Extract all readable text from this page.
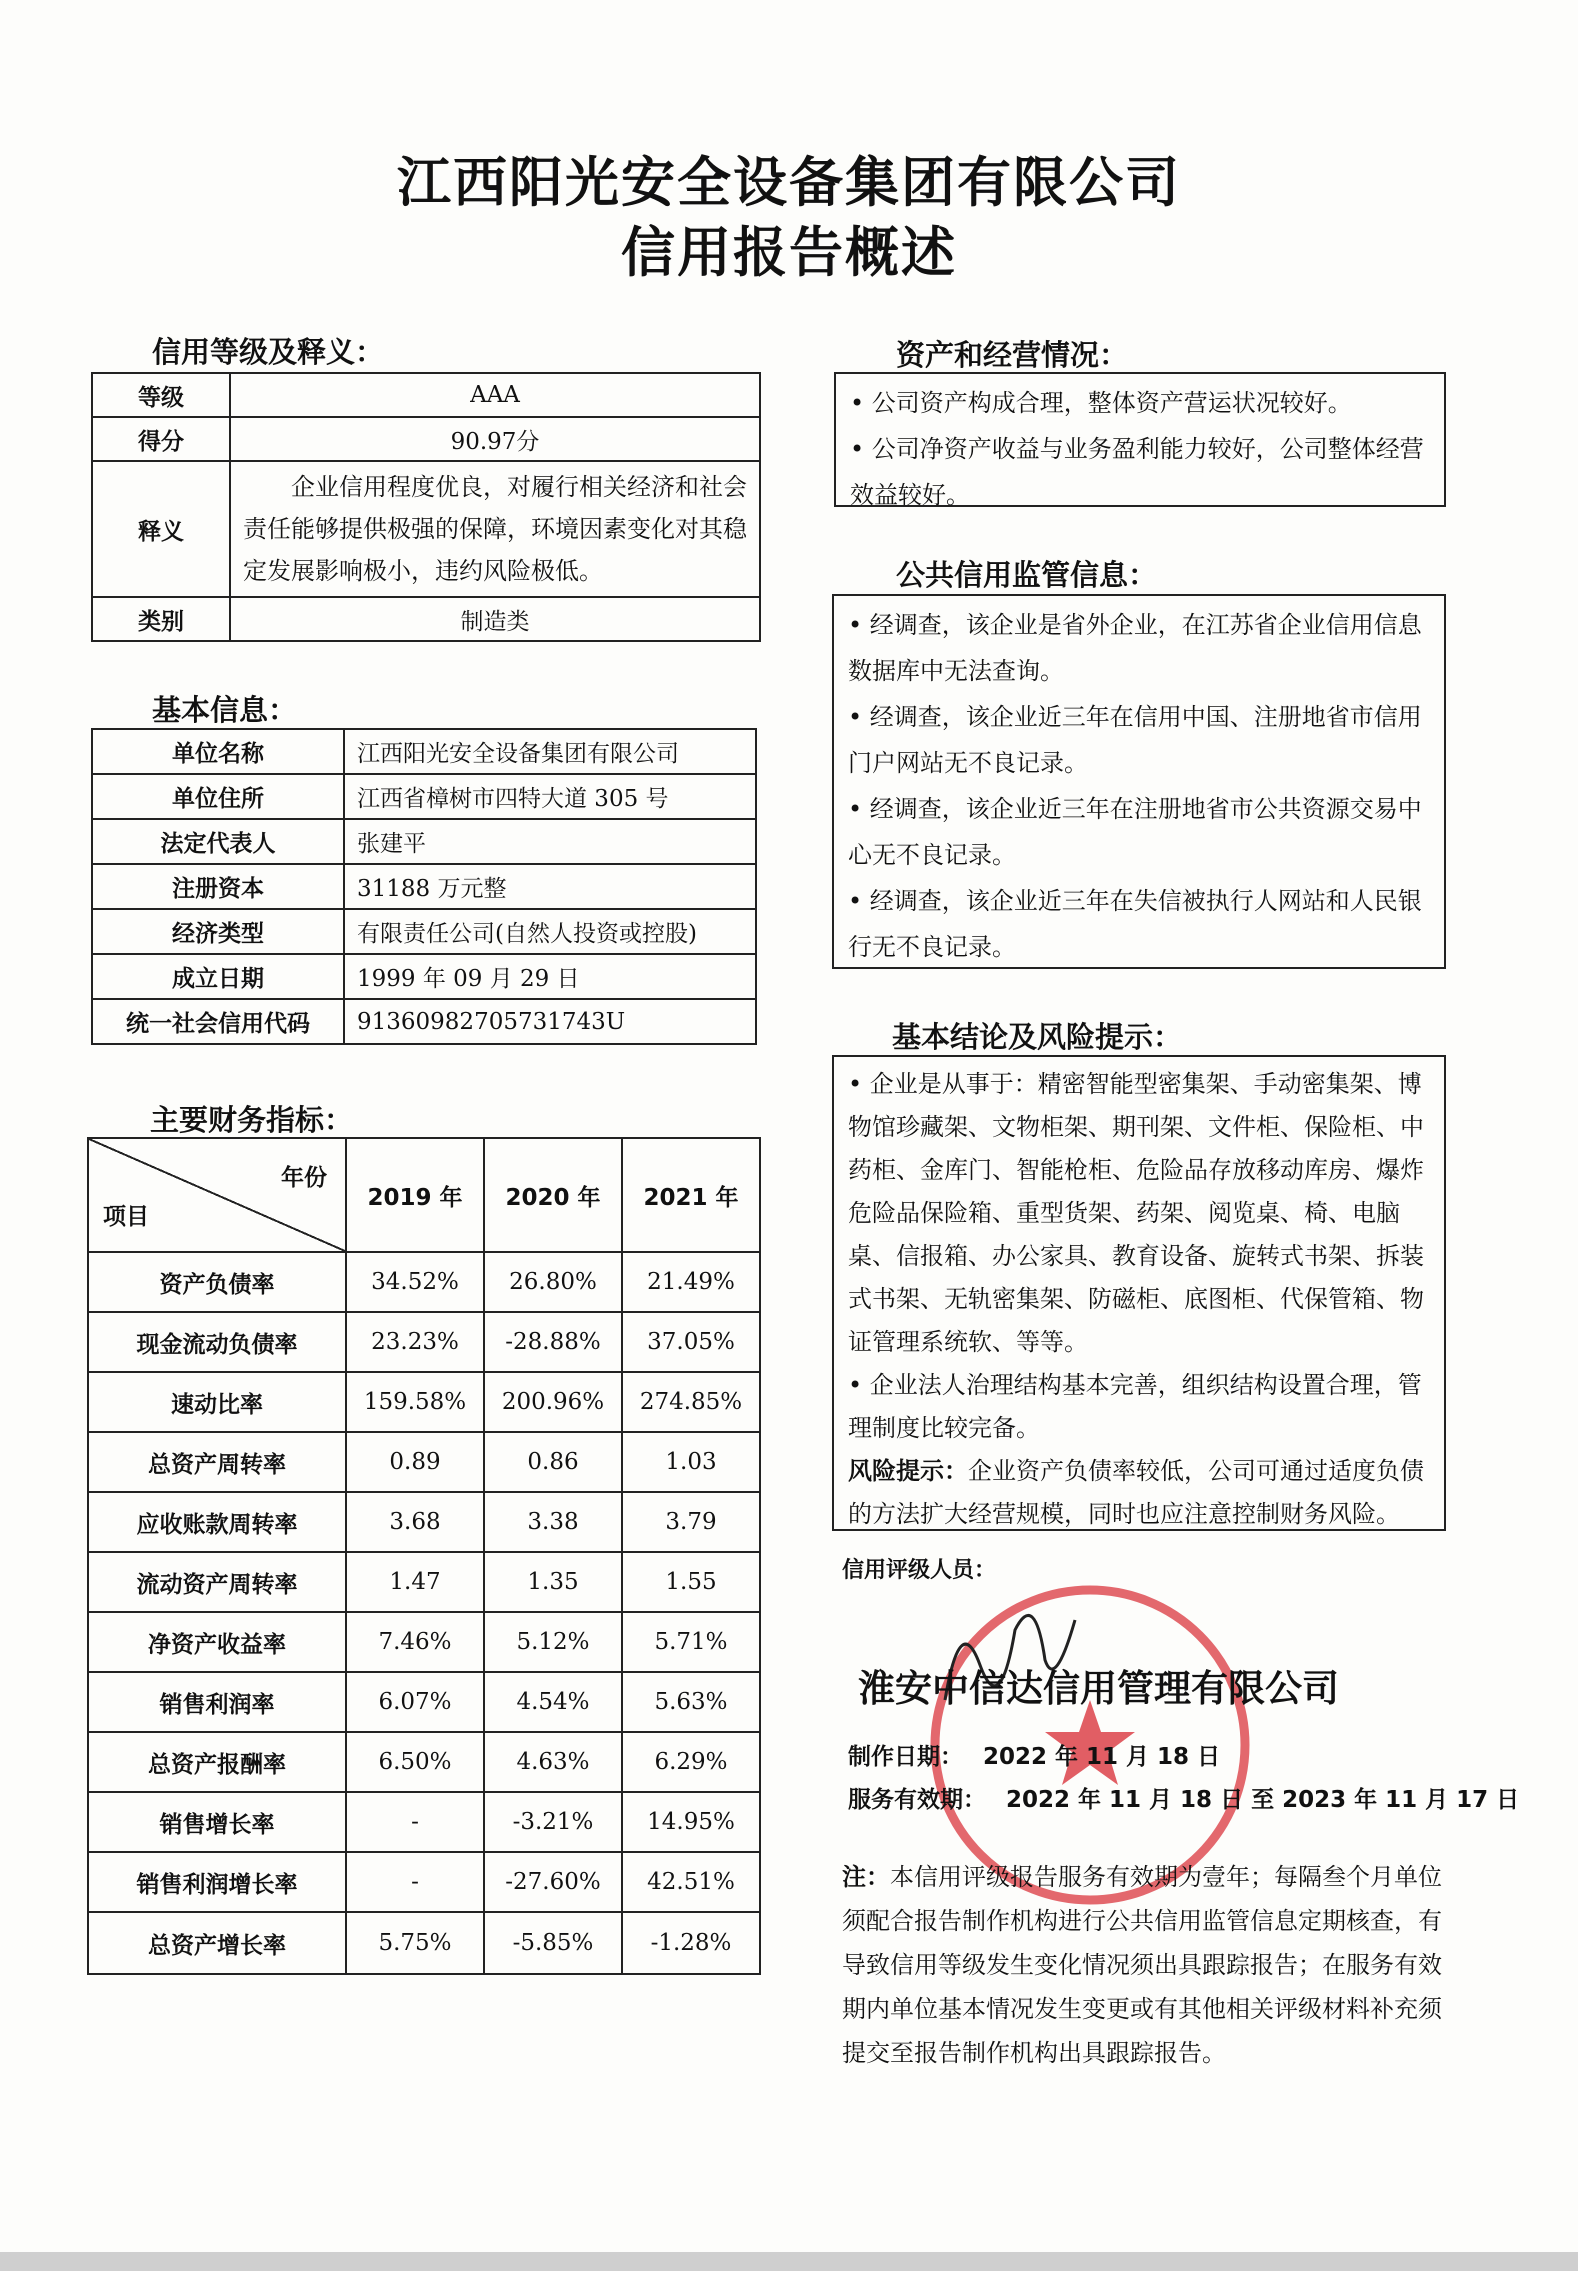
江西阳光安全设备集团有限公司
信用报告概述
信用等级及释义：
等级	AAA
得分	90.97分
释义	企业信用程度优良，对履行相关经济和社会责任能够提供极强的保障，环境因素变化对其稳定发展影响极小，违约风险极低。
类别	制造类
基本信息：
单位名称	江西阳光安全设备集团有限公司
单位住所	江西省樟树市四特大道 305 号
法定代表人	张建平
注册资本	31188 万元整
经济类型	有限责任公司(自然人投资或控股)
成立日期	1999 年 09 月 29 日
统一社会信用代码	91360982705731743U
主要财务指标：
年份
项目	2019 年	2020 年	2021 年
资产负债率	34.52%	26.80%	21.49%
现金流动负债率	23.23%	-28.88%	37.05%
速动比率	159.58%	200.96%	274.85%
总资产周转率	0.89	0.86	1.03
应收账款周转率	3.68	3.38	3.79
流动资产周转率	1.47	1.35	1.55
净资产收益率	7.46%	5.12%	5.71%
销售利润率	6.07%	4.54%	5.63%
总资产报酬率	6.50%	4.63%	6.29%
销售增长率	-	-3.21%	14.95%
销售利润增长率	-	-27.60%	42.51%
总资产增长率	5.75%	-5.85%	-1.28%
资产和经营情况：

• 公司资产构成合理，整体资产营运状况较好。

• 公司净资产收益与业务盈利能力较好，公司整体经营效益较好。

公共信用监管信息：

• 经调查，该企业是省外企业，在江苏省企业信用信息数据库中无法查询。

• 经调查，该企业近三年在信用中国、注册地省市信用门户网站无不良记录。

• 经调查，该企业近三年在注册地省市公共资源交易中心无不良记录。

• 经调查，该企业近三年在失信被执行人网站和人民银行无不良记录。

基本结论及风险提示：

• 企业是从事于：精密智能型密集架、手动密集架、博物馆珍藏架、文物柜架、期刊架、文件柜、保险柜、中药柜、金库门、智能枪柜、危险品存放移动库房、爆炸危险品保险箱、重型货架、药架、阅览桌、椅、电脑桌、信报箱、办公家具、教育设备、旋转式书架、拆装式书架、无轨密集架、防磁柜、底图柜、代保管箱、物证管理系统软、等等。

• 企业法人治理结构基本完善，组织结构设置合理，管理制度比较完备。

风险提示：企业资产负债率较低，公司可通过适度负债的方法扩大经营规模，同时也应注意控制财务风险。

信用评级人员：
淮安中信达信用管理有限公司
制作日期： 2022 年 11 月 18 日
服务有效期： 2022 年 11 月 18 日 至 2023 年 11 月 17 日
注：本信用评级报告服务有效期为壹年；每隔叁个月单位须配合报告制作机构进行公共信用监管信息定期核查，有导致信用等级发生变化情况须出具跟踪报告；在服务有效期内单位基本情况发生变更或有其他相关评级材料补充须提交至报告制作机构出具跟踪报告。
